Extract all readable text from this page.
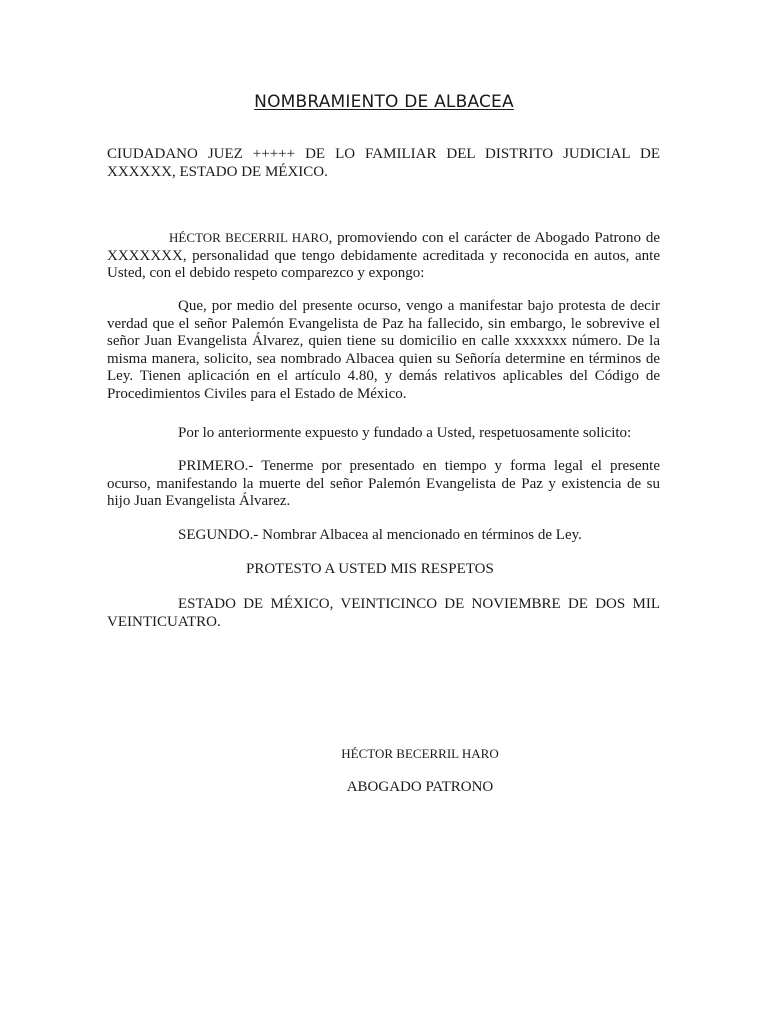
NOMBRAMIENTO DE ALBACEA
CIUDADANO JUEZ +++++ DE LO FAMILIAR DEL DISTRITO JUDICIAL DE XXXXXX, ESTADO DE MÉXICO.
HÉCTOR BECERRIL HARO, promoviendo con el carácter de Abogado Patrono de XXXXXXX, personalidad que tengo debidamente acreditada y reconocida en autos, ante Usted, con el debido respeto comparezco y expongo:
Que, por medio del presente ocurso, vengo a manifestar bajo protesta de decir verdad que el señor Palemón Evangelista de Paz ha fallecido, sin embargo, le sobrevive el señor Juan Evangelista Álvarez, quien tiene su domicilio en calle xxxxxxx número. De la misma manera, solicito, sea nombrado Albacea quien su Señoría determine en términos de Ley. Tienen aplicación en el artículo 4.80, y demás relativos aplicables del Código de Procedimientos Civiles para el Estado de México.
Por lo anteriormente expuesto y fundado a Usted, respetuosamente solicito:
PRIMERO.- Tenerme por presentado en tiempo y forma legal el presente ocurso, manifestando la muerte del señor Palemón Evangelista de Paz y existencia de su hijo Juan Evangelista Álvarez.
SEGUNDO.- Nombrar Albacea al mencionado en términos de Ley.
PROTESTO A USTED MIS RESPETOS
ESTADO DE MÉXICO, VEINTICINCO DE NOVIEMBRE DE DOS MIL VEINTICUATRO.
HÉCTOR BECERRIL HARO
ABOGADO PATRONO
